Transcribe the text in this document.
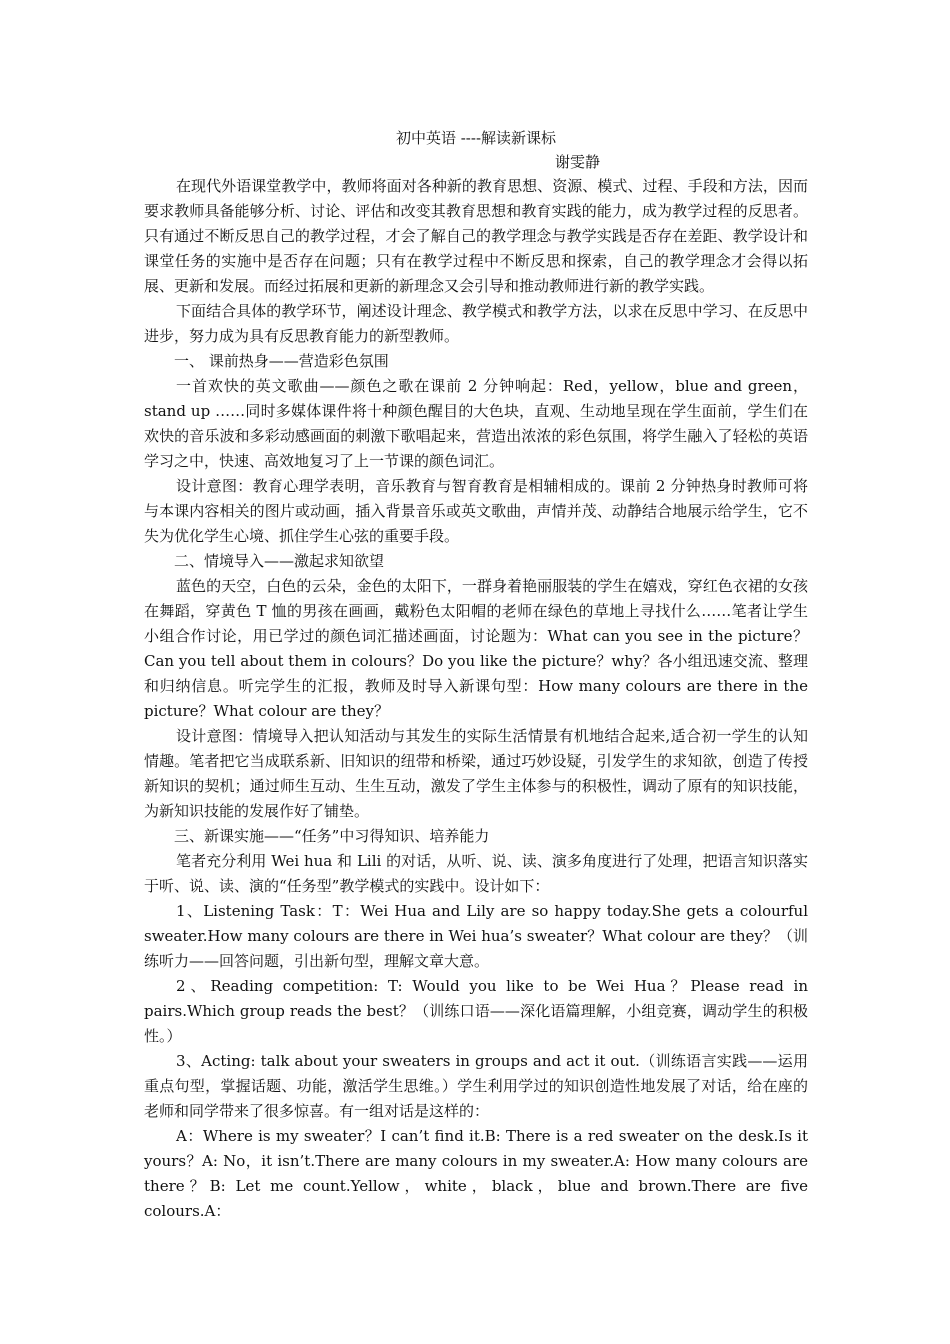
初中英语 ----解读新课标

谢雯静

在现代外语课堂教学中，教师将面对各种新的教育思想、资源、模式、过程、手段和方法，因而要求教师具备能够分析、讨论、评估和改变其教育思想和教育实践的能力，成为教学过程的反思者。只有通过不断反思自己的教学过程，才会了解自己的教学理念与教学实践是否存在差距、教学设计和课堂任务的实施中是否存在问题；只有在教学过程中不断反思和探索，自己的教学理念才会得以拓展、更新和发展。而经过拓展和更新的新理念又会引导和推动教师进行新的教学实践。

下面结合具体的教学环节，阐述设计理念、教学模式和教学方法，以求在反思中学习、在反思中进步，努力成为具有反思教育能力的新型教师。

一、 课前热身——营造彩色氛围

一首欢快的英文歌曲——颜色之歌在课前 2 分钟响起：Red，yellow，blue and green，stand up ……同时多媒体课件将十种颜色醒目的大色块，直观、生动地呈现在学生面前，学生们在欢快的音乐波和多彩动感画面的刺激下歌唱起来，营造出浓浓的彩色氛围，将学生融入了轻松的英语学习之中，快速、高效地复习了上一节课的颜色词汇。

设计意图：教育心理学表明，音乐教育与智育教育是相辅相成的。课前 2 分钟热身时教师可将与本课内容相关的图片或动画，插入背景音乐或英文歌曲，声情并茂、动静结合地展示给学生，它不失为优化学生心境、抓住学生心弦的重要手段。

二、情境导入——激起求知欲望

蓝色的天空，白色的云朵，金色的太阳下，一群身着艳丽服装的学生在嬉戏，穿红色衣裙的女孩在舞蹈，穿黄色 T 恤的男孩在画画，戴粉色太阳帽的老师在绿色的草地上寻找什么……笔者让学生小组合作讨论，用已学过的颜色词汇描述画面，讨论题为：What can you see in the picture？Can you tell about them in colours？Do you like the picture？why？各小组迅速交流、整理和归纳信息。听完学生的汇报，教师及时导入新课句型：How many colours are there in the picture？What colour are they？

设计意图：情境导入把认知活动与其发生的实际生活情景有机地结合起来,适合初一学生的认知情趣。笔者把它当成联系新、旧知识的纽带和桥梁，通过巧妙设疑，引发学生的求知欲，创造了传授新知识的契机；通过师生互动、生生互动，激发了学生主体参与的积极性，调动了原有的知识技能，为新知识技能的发展作好了铺垫。

三、新课实施——“任务”中习得知识、培养能力

笔者充分利用 Wei hua 和 Lili 的对话，从听、说、读、演多角度进行了处理，把语言知识落实于听、说、读、演的“任务型”教学模式的实践中。设计如下：

1、Listening Task：T：Wei Hua and Lily are so happy today.She gets a colourful sweater.How many colours are there in Wei hua’s sweater？What colour are they？（训练听力——回答问题，引出新句型，理解文章大意。

2、Reading competition: T: Would you like to be Wei Hua？Please read in pairs.Which group reads the best？（训练口语——深化语篇理解，小组竞赛，调动学生的积极性。）

3、Acting: talk about your sweaters in groups and act it out.（训练语言实践——运用重点句型，掌握话题、功能，激活学生思维。）学生利用学过的知识创造性地发展了对话，给在座的老师和同学带来了很多惊喜。有一组对话是这样的：

A：Where is my sweater？I can’t find it.B: There is a red sweater on the desk.Is it yours？A: No，it isn’t.There are many colours in my sweater.A: How many colours are there？B: Let me count.Yellow，white，black，blue and brown.There are five colours.A：
